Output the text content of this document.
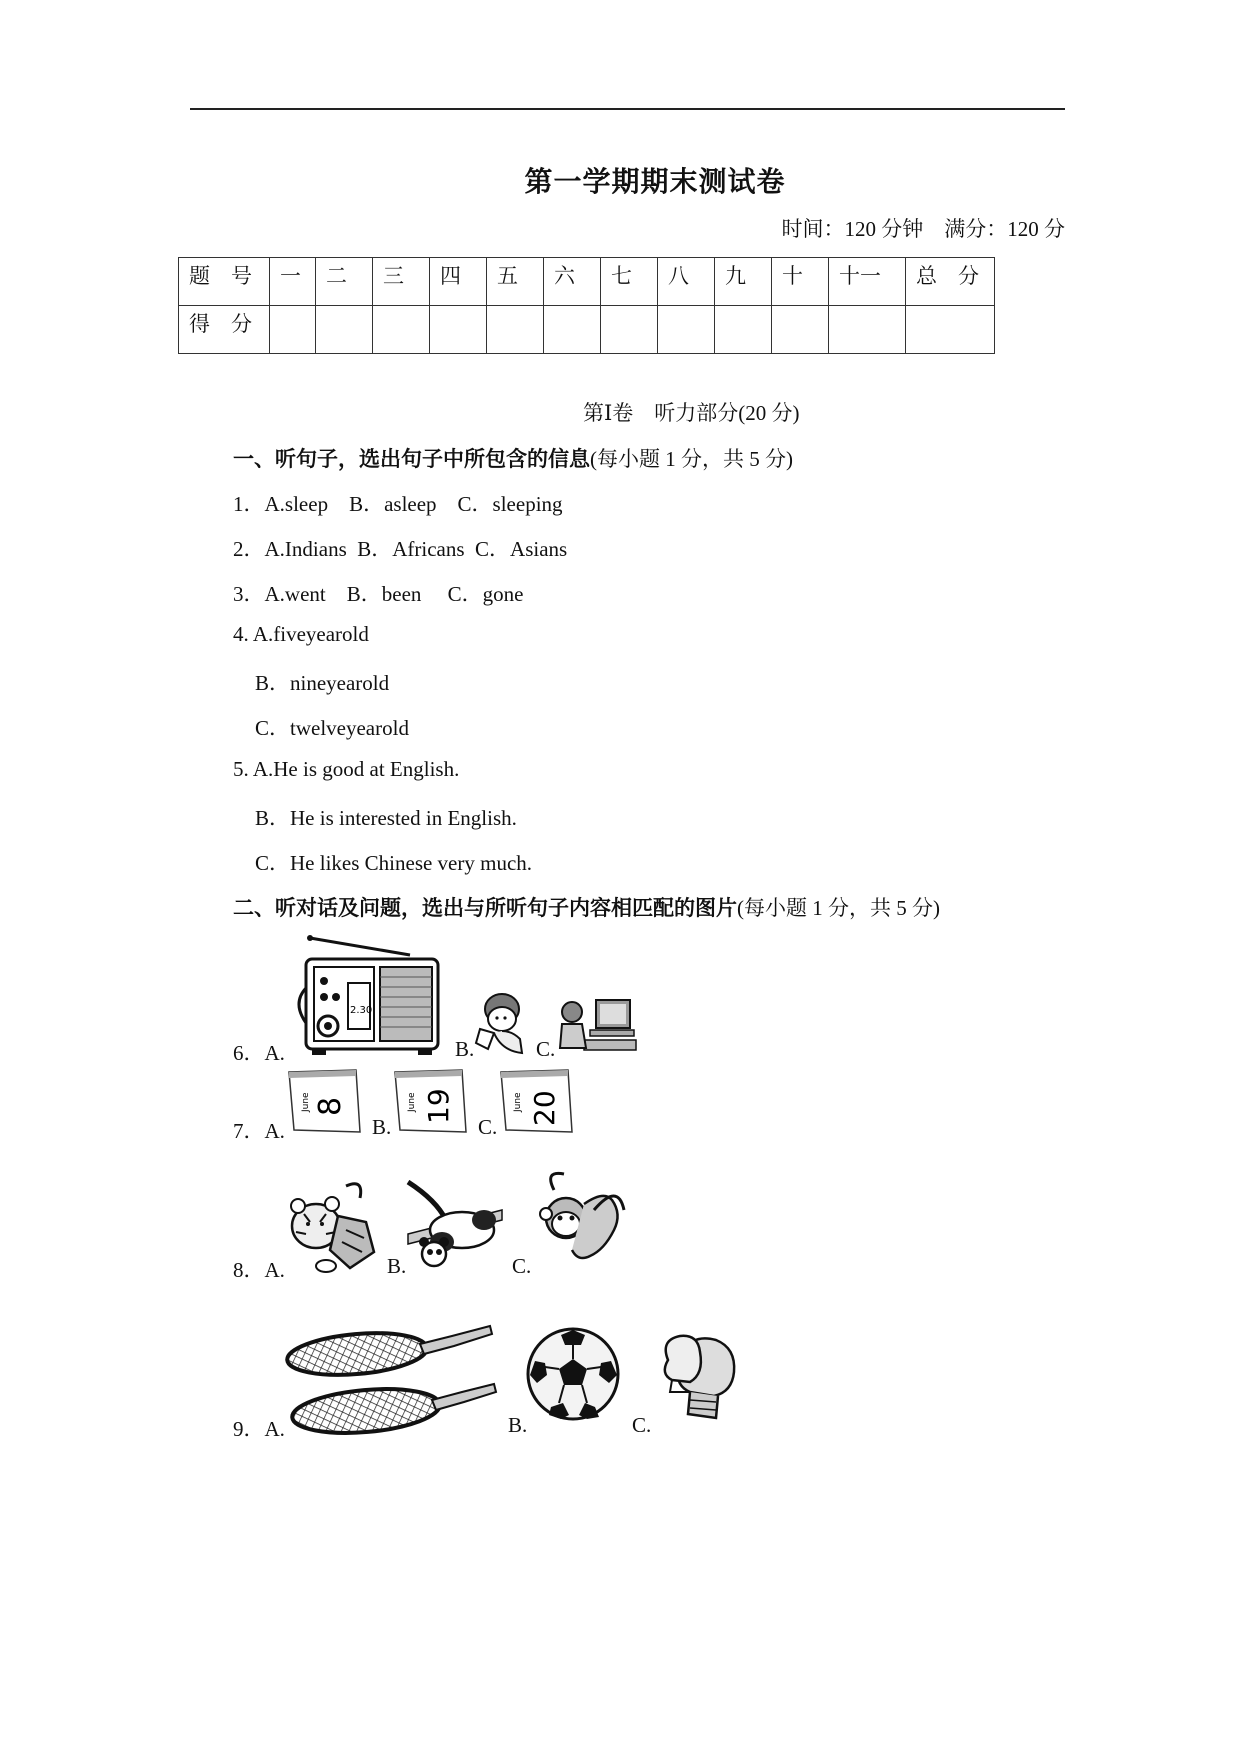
第一学期期末测试卷
时间：120 分钟　满分：120 分
题　号	一	二	三	四	五	六	七	八	九	十	十一	总　分
得　分												
第Ⅰ卷　听力部分(20 分)
一、听句子，选出句子中所包含的信息(每小题 1 分，共 5 分)
1．A.sleep　B．asleep　C．sleeping
2．A.Indians  B．Africans  C．Asians
3．A.went　B．been　 C．gone
4. A.fiveyearold
B．nineyearold
C．twelveyearold
5. A.He is good at English.
B．He is interested in English.
C．He likes Chinese very much.
二、听对话及问题，选出与所听句子内容相匹配的图片(每小题 1 分，共 5 分)
6．A.
2.30
B.	C.
7．A.
June 8
B.
June 19
C.
June 20
8．A.	B.	C.
9．A.	B.	C.
